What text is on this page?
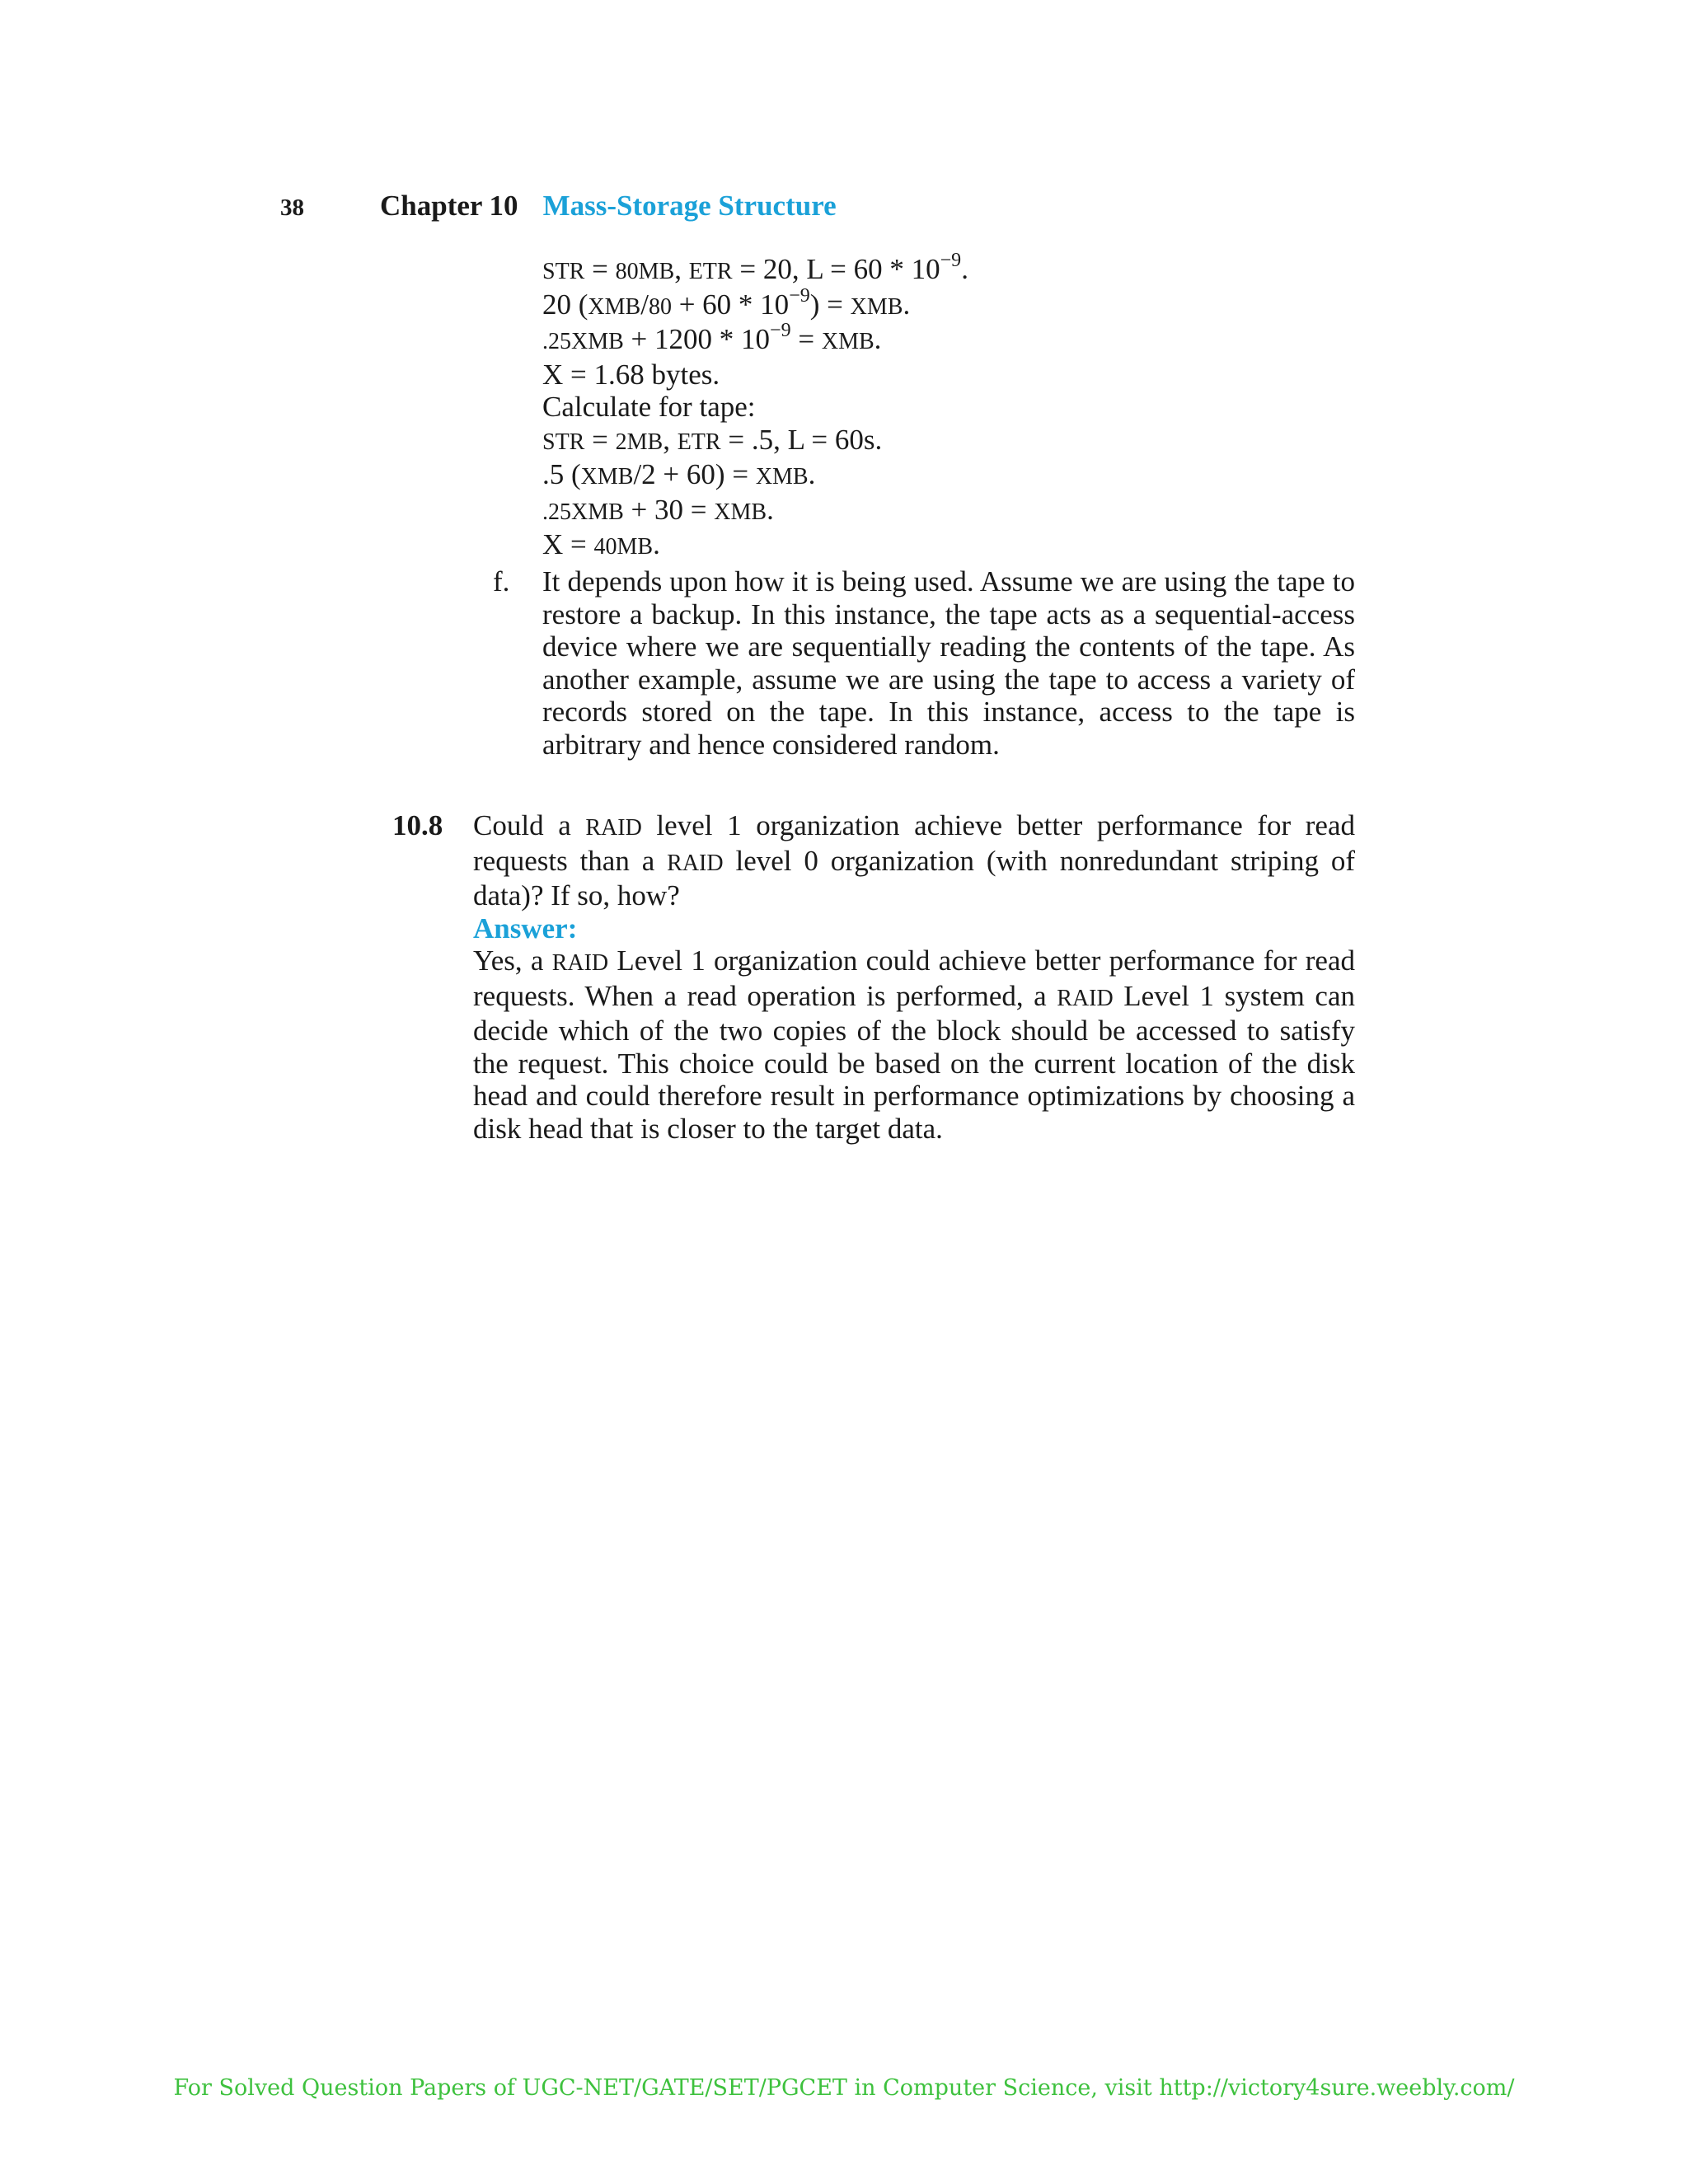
38	Chapter 10 Mass-Storage Structure
STR = 80MB, ETR = 20, $L = 60 * 10^{-9}$.
20 $(XMB/80 + 60 * 10^{-9})$ = XMB.
$.25XMB + 1200 * 10^{-9}$ = XMB.
X = 1.68 bytes.
Calculate for tape:
STR = 2MB, ETR = .5, L = 60s.
.5 (XMB/2 + 60) = XMB.
.25XMB + 30 = XMB.
X = 40MB.
f. It depends upon how it is being used. Assume we are using the tape to restore a backup. In this instance, the tape acts as a sequential-access device where we are sequentially reading the contents of the tape. As another example, assume we are using the tape to access a variety of records stored on the tape. In this instance, access to the tape is arbitrary and hence considered random.
10.8 Could a RAID level 1 organization achieve better performance for read requests than a RAID level 0 organization (with nonredundant striping of data)? If so, how?

Answer:

Yes, a RAID Level 1 organization could achieve better performance for read requests. When a read operation is performed, a RAID Level 1 system can decide which of the two copies of the block should be accessed to satisfy the request. This choice could be based on the current location of the disk head and could therefore result in performance optimizations by choosing a disk head that is closer to the target data.

For Solved Question Papers of UGC-NET/GATE/SET/PGCET in Computer Science, visit http://victory4sure.weebly.com/
